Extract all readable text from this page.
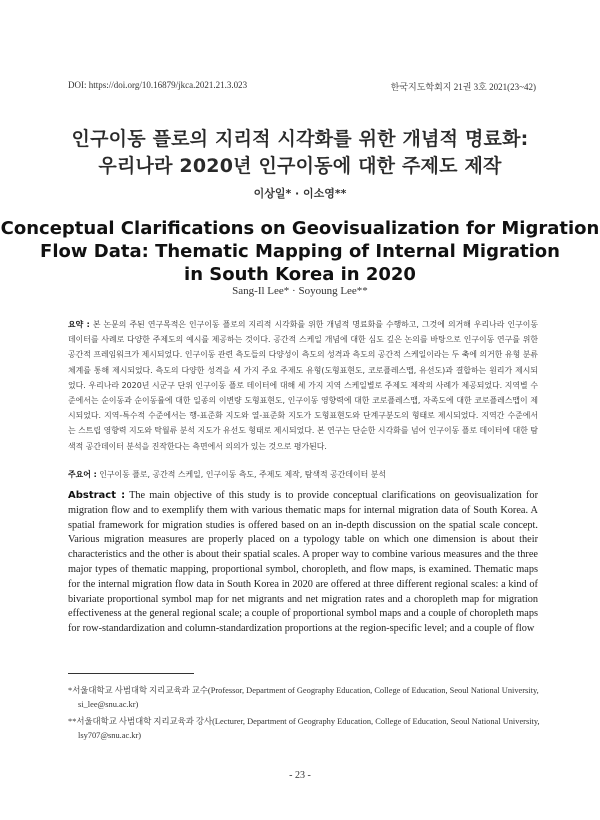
DOI: https://doi.org/10.16879/jkca.2021.21.3.023	한국지도학회지 21권 3호 2021(23~42)
인구이동 플로의 지리적 시각화를 위한 개념적 명료화:
우리나라 2020년 인구이동에 대한 주제도 제작
이상일* · 이소영**
Conceptual Clarifications on Geovisualization for Migration
Flow Data: Thematic Mapping of Internal Migration
in South Korea in 2020
Sang-Il Lee* · Soyoung Lee**

요약 : 본 논문의 주된 연구목적은 인구이동 플로의 지리적 시각화를 위한 개념적 명료화를 수행하고, 그것에 의거해 우리나라 인구이동 데이터를 사례로 다양한 주제도의 예시를 제공하는 것이다. 공간적 스케일 개념에 대한 심도 깊은 논의를 바탕으로 인구이동 연구를 위한 공간적 프레임워크가 제시되었다. 인구이동 관련 측도들의 다양성이 측도의 성격과 측도의 공간적 스케일이라는 두 축에 의거한 유형 분류 체계를 통해 제시되었다. 측도의 다양한 성격을 세 가지 주요 주제도 유형(도형표현도, 코로플레스맵, 유선도)과 결합하는 원리가 제시되었다. 우리나라 2020년 시군구 단위 인구이동 플로 데이터에 대해 세 가지 지역 스케일별로 주제도 제작의 사례가 제공되었다. 지역별 수준에서는 순이동과 순이동률에 대한 일종의 이변량 도형표현도, 인구이동 영향력에 대한 코로플레스맵, 자족도에 대한 코로플레스맵이 제시되었다. 지역-특수적 수준에서는 행-표준화 지도와 열-표준화 지도가 도형표현도와 단계구분도의 형태로 제시되었다. 지역간 수준에서는 스트립 영향력 지도와 탁월류 분석 지도가 유선도 형태로 제시되었다. 본 연구는 단순한 시각화를 넘어 인구이동 플로 데이터에 대한 탐색적 공간데이터 분석을 진작한다는 측면에서 의의가 있는 것으로 평가된다.

주요어 : 인구이동 플로, 공간적 스케일, 인구이동 측도, 주제도 제작, 탐색적 공간데이터 분석
Abstract : The main objective of this study is to provide conceptual clarifications on geovisualization for migration flow and to exemplify them with various thematic maps for internal migration data of South Korea. A spatial framework for migration studies is offered based on an in-depth discussion on the spatial scale concept. Various migration measures are properly placed on a typology table on which one dimension is about their characteristics and the other is about their spatial scales. A proper way to combine various measures and the three major types of thematic mapping, proportional symbol, choropleth, and flow maps, is examined. Thematic maps for the internal migration flow data in South Korea in 2020 are offered at three different regional scales: a kind of bivariate proportional symbol map for net migrants and net migration rates and a choropleth map for migration effectiveness at the general regional scale; a couple of proportional symbol maps and a couple of choropleth maps for row-standardization and column-standardization proportions at the region-specific level; and a couple of flow
*서울대학교 사범대학 지리교육과 교수(Professor, Department of Geography Education, College of Education, Seoul National University,
si_lee@snu.ac.kr)
**서울대학교 사범대학 지리교육과 강사(Lecturer, Department of Geography Education, College of Education, Seoul National University,
lsy707@snu.ac.kr)
- 23 -
